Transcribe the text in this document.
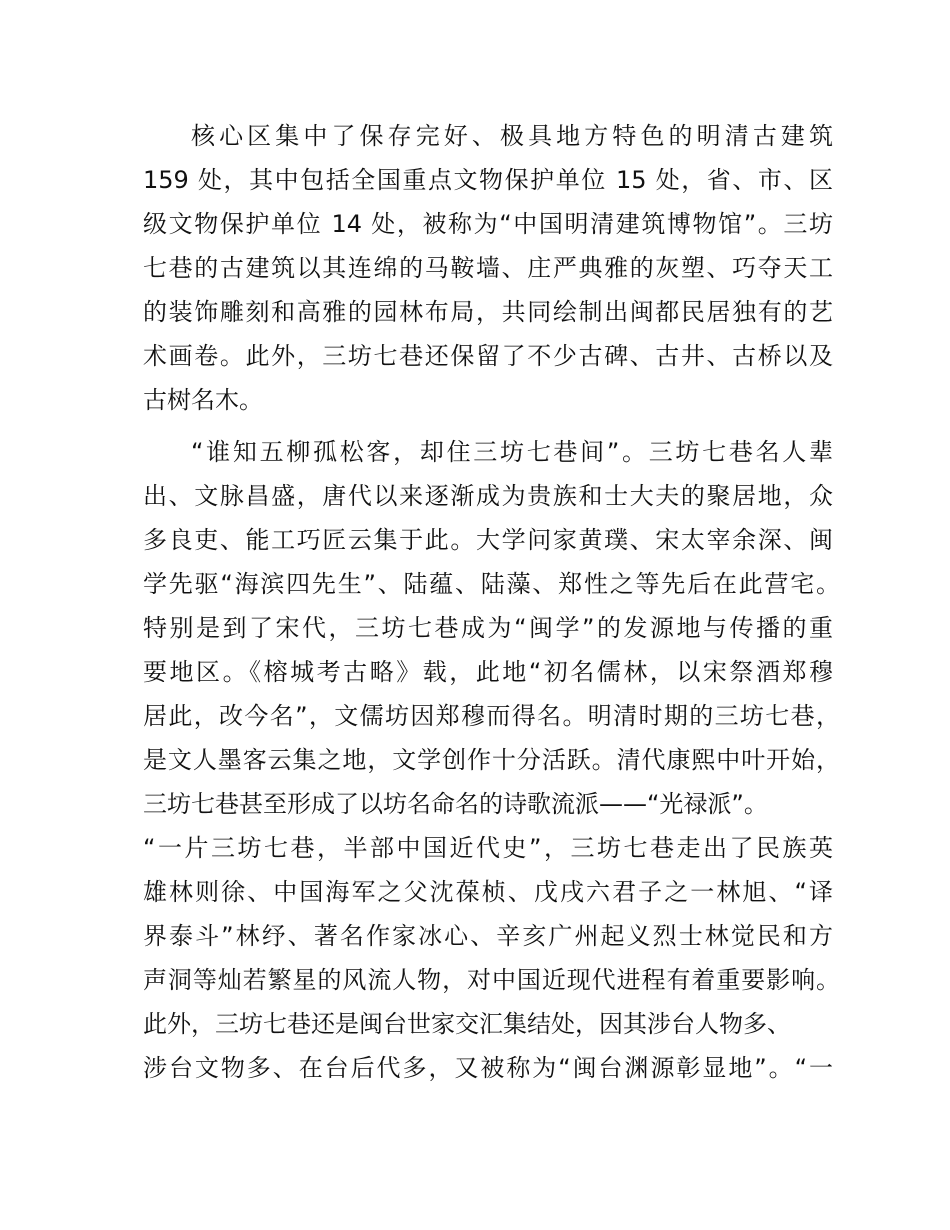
核心区集中了保存完好、极具地方特色的明清古建筑
159 处，其中包括全国重点文物保护单位 15 处，省、市、区
级文物保护单位 14 处，被称为“中国明清建筑博物馆”。三坊
七巷的古建筑以其连绵的马鞍墙、庄严典雅的灰塑、巧夺天工
的装饰雕刻和高雅的园林布局，共同绘制出闽都民居独有的艺
术画卷。此外，三坊七巷还保留了不少古碑、古井、古桥以及
古树名木。
“谁知五柳孤松客，却住三坊七巷间”。三坊七巷名人辈
出、文脉昌盛，唐代以来逐渐成为贵族和士大夫的聚居地，众
多良吏、能工巧匠云集于此。大学问家黄璞、宋太宰余深、闽
学先驱“海滨四先生”、陆蕴、陆藻、郑性之等先后在此营宅。
特别是到了宋代，三坊七巷成为“闽学”的发源地与传播的重
要地区。《榕城考古略》载，此地“初名儒林，以宋祭酒郑穆
居此，改今名”，文儒坊因郑穆而得名。明清时期的三坊七巷，
是文人墨客云集之地，文学创作十分活跃。清代康熙中叶开始，
三坊七巷甚至形成了以坊名命名的诗歌流派——“光禄派”。
“一片三坊七巷，半部中国近代史”，三坊七巷走出了民族英
雄林则徐、中国海军之父沈葆桢、戊戌六君子之一林旭、“译
界泰斗”林纾、著名作家冰心、辛亥广州起义烈士林觉民和方
声洞等灿若繁星的风流人物，对中国近现代进程有着重要影响。
此外，三坊七巷还是闽台世家交汇集结处，因其涉台人物多、
涉台文物多、在台后代多，又被称为“闽台渊源彰显地”。“一
